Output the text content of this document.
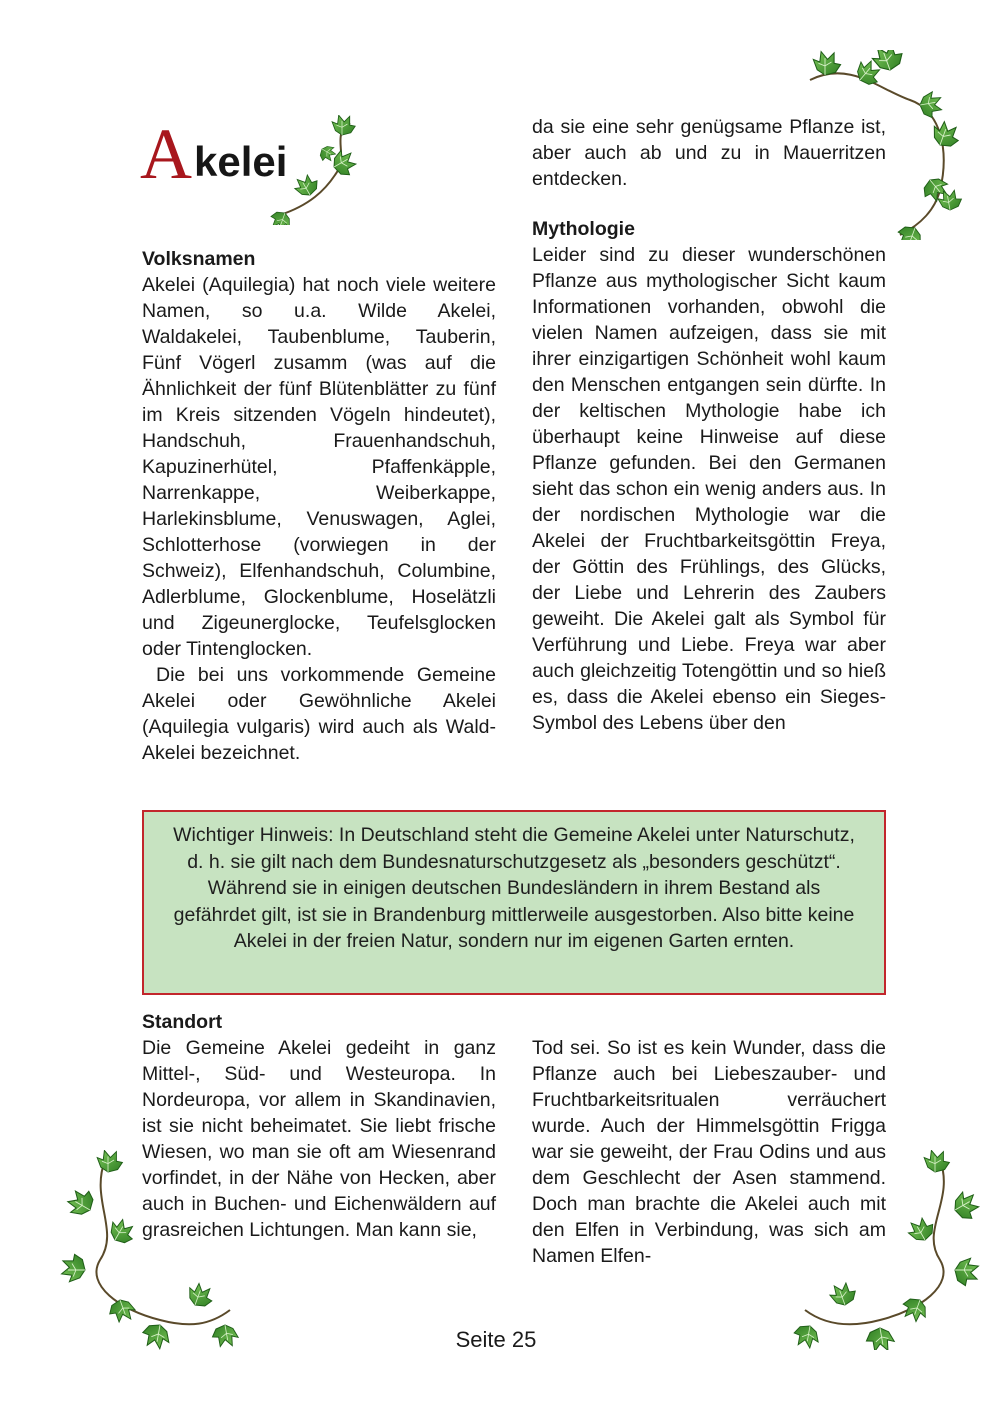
A kelei
Volksnamen

Akelei (Aquilegia) hat noch viele weitere Namen, so u.a. Wilde Akelei, Waldakelei, Taubenblume, Tauberin, Fünf Vögerl zusamm (was auf die Ähnlichkeit der fünf Blütenblätter zu fünf im Kreis sitzenden Vögeln hindeutet), Handschuh, Frauenhandschuh, Kapuzinerhütel, Pfaffenkäpple, Narrenkappe, Weiberkappe, Harlekinsblume, Venuswagen, Aglei, Schlotterhose (vorwiegen in der Schweiz), Elfenhandschuh, Columbine, Adlerblume, Glockenblume, Hoselätzli und Zigeunerglocke, Teufelsglocken oder Tintenglocken.

Die bei uns vorkommende Gemeine Akelei oder Gewöhnliche Akelei (Aquilegia vulgaris) wird auch als Wald-Akelei bezeichnet.

da sie eine sehr genügsame Pflanze ist, aber auch ab und zu in Mauerritzen entdecken.

Mythologie

Leider sind zu dieser wunderschönen Pflanze aus mythologischer Sicht kaum Informationen vorhanden, obwohl die vielen Namen aufzeigen, dass sie mit ihrer einzigartigen Schönheit wohl kaum den Menschen entgangen sein dürfte. In der keltischen Mythologie habe ich überhaupt keine Hinweise auf diese Pflanze gefunden. Bei den Germanen sieht das schon ein wenig anders aus. In der nordischen Mythologie war die Akelei der Fruchtbarkeitsgöttin Freya, der Göttin des Frühlings, des Glücks, der Liebe und Lehrerin des Zaubers geweiht. Die Akelei galt als Symbol für Verführung und Liebe. Freya war aber auch gleichzeitig Totengöttin und so hieß es, dass die Akelei ebenso ein Sieges-Symbol des Lebens über den

Wichtiger Hinweis: In Deutschland steht die Gemeine Akelei unter Naturschutz, d. h. sie gilt nach dem Bundesnaturschutzgesetz als „besonders geschützt“. Während sie in einigen deutschen Bundesländern in ihrem Bestand als gefährdet gilt, ist sie in Brandenburg mittlerweile ausgestorben. Also bitte keine Akelei in der freien Natur, sondern nur im eigenen Garten ernten.
Standort

Die Gemeine Akelei gedeiht in ganz Mittel-, Süd- und Westeuropa. In Nordeuropa, vor allem in Skandinavien, ist sie nicht beheimatet. Sie liebt frische Wiesen, wo man sie oft am Wiesenrand vorfindet, in der Nähe von Hecken, aber auch in Buchen- und Eichenwäldern auf grasreichen Lichtungen. Man kann sie,

Tod sei. So ist es kein Wunder, dass die Pflanze auch bei Liebeszauber- und Fruchtbarkeitsritualen verräuchert wurde. Auch der Himmelsgöttin Frigga war sie geweiht, der Frau Odins und aus dem Geschlecht der Asen stammend. Doch man brachte die Akelei auch mit den Elfen in Verbindung, was sich am Namen Elfen-

Seite 25
